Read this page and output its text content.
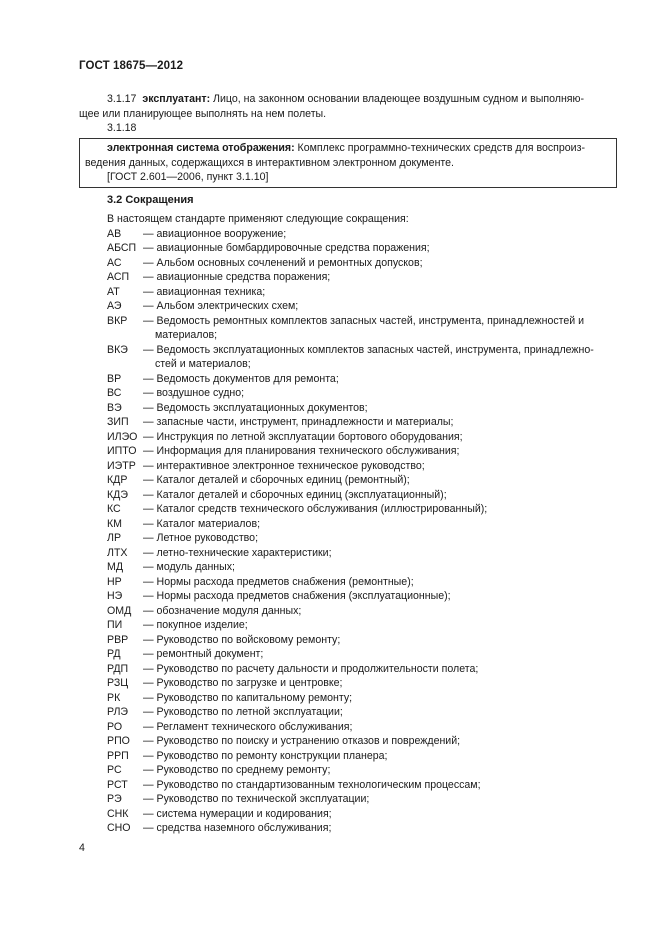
ГОСТ 18675—2012
3.1.17 эксплуатант: Лицо, на законном основании владеющее воздушным судном и выполняю-
щее или планирующее выполнять на нем полеты.
3.1.18
электронная система отображения: Комплекс программно-технических средств для воспроиз-
ведения данных, содержащихся в интерактивном электронном документе.
[ГОСТ 2.601—2006, пункт 3.1.10]
3.2 Сокращения
В настоящем стандарте применяют следующие сокращения:
АВ	— авиационное вооружение;
АБСП — авиационные бомбардировочные средства поражения;
АС	— Альбом основных сочленений и ремонтных допусков;
АСП	— авиационные средства поражения;
АТ	— авиационная техника;
АЭ	— Альбом электрических схем;
ВКР	— Ведомость ремонтных комплектов запасных частей, инструмента, принадлежностей и
материалов;
ВКЭ	— Ведомость эксплуатационных комплектов запасных частей, инструмента, принадлежно-
стей и материалов;
ВР	— Ведомость документов для ремонта;
ВС	— воздушное судно;
ВЭ	— Ведомость эксплуатационных документов;
ЗИП	— запасные части, инструмент, принадлежности и материалы;
ИЛЭО — Инструкция по летной эксплуатации бортового оборудования;
ИПТО — Информация для планирования технического обслуживания;
ИЭТР — интерактивное электронное техническое руководство;
КДР	— Каталог деталей и сборочных единиц (ремонтный);
КДЭ	— Каталог деталей и сборочных единиц (эксплуатационный);
КС	— Каталог средств технического обслуживания (иллюстрированный);
КМ	— Каталог материалов;
ЛР	— Летное руководство;
ЛТХ	— летно-технические характеристики;
МД	— модуль данных;
НР	— Нормы расхода предметов снабжения (ремонтные);
НЭ	— Нормы расхода предметов снабжения (эксплуатационные);
ОМД	— обозначение модуля данных;
ПИ	— покупное изделие;
РВР	— Руководство по войсковому ремонту;
РД	— ремонтный документ;
РДП	— Руководство по расчету дальности и продолжительности полета;
РЗЦ	— Руководство по загрузке и центровке;
РК	— Руководство по капитальному ремонту;
РЛЭ	— Руководство по летной эксплуатации;
РО	— Регламент технического обслуживания;
РПО	— Руководство по поиску и устранению отказов и повреждений;
РРП	— Руководство по ремонту конструкции планера;
РС	— Руководство по среднему ремонту;
РСТ	— Руководство по стандартизованным технологическим процессам;
РЭ	— Руководство по технической эксплуатации;
СНК	— система нумерации и кодирования;
СНО	— средства наземного обслуживания;
4
